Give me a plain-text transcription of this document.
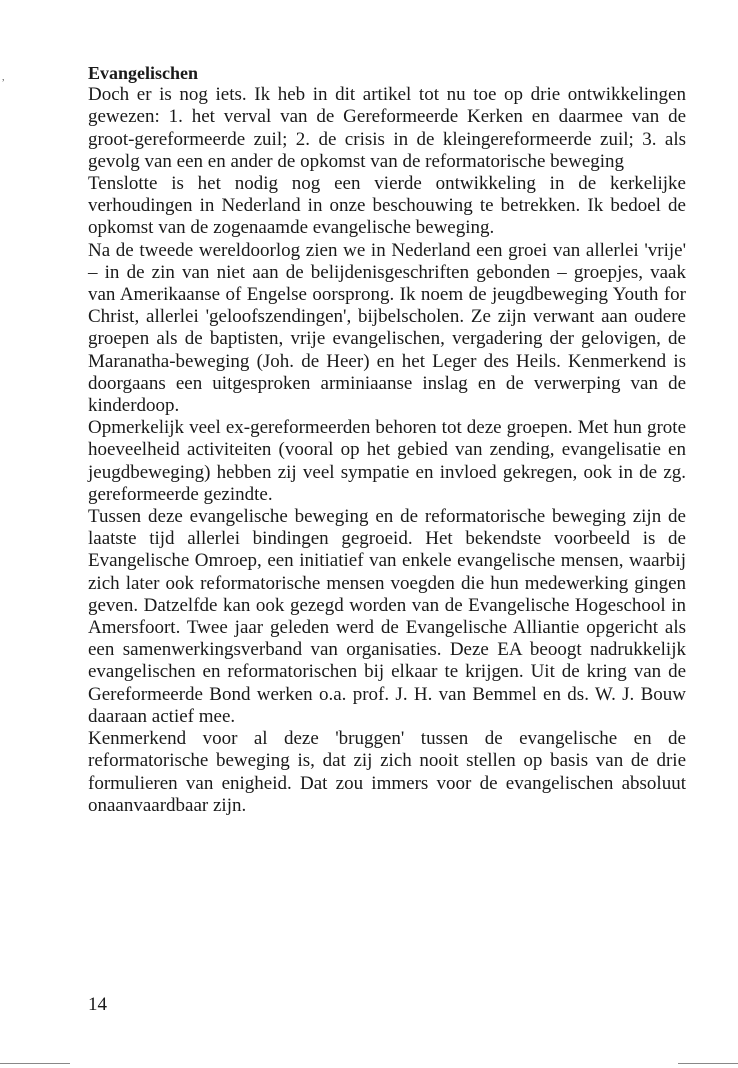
,	Evangelischen

Doch er is nog iets. Ik heb in dit artikel tot nu toe op drie ontwikkelingen gewezen: 1. het verval van de Gereformeerde Kerken en daarmee van de groot-gereformeerde zuil; 2. de crisis in de kleingereformeerde zuil; 3. als gevolg van een en ander de opkomst van de reformatorische beweging

Tenslotte is het nodig nog een vierde ontwikkeling in de kerkelijke verhoudingen in Nederland in onze beschouwing te betrekken. Ik bedoel de opkomst van de zogenaamde evangelische beweging.

Na de tweede wereldoorlog zien we in Nederland een groei van allerlei 'vrije' – in de zin van niet aan de belijdenisgeschriften gebonden – groepjes, vaak van Amerikaanse of Engelse oorsprong. Ik noem de jeugdbeweging Youth for Christ, allerlei 'geloofszendingen', bijbelscholen. Ze zijn verwant aan oudere groepen als de baptisten, vrije evangelischen, vergadering der gelovigen, de Maranatha-beweging (Joh. de Heer) en het Leger des Heils. Kenmerkend is doorgaans een uitgesproken arminiaanse inslag en de verwerping van de kinderdoop.

Opmerkelijk veel ex-gereformeerden behoren tot deze groepen. Met hun grote hoeveelheid activiteiten (vooral op het gebied van zending, evangelisatie en jeugdbeweging) hebben zij veel sympatie en invloed gekregen, ook in de zg. gereformeerde gezindte.

Tussen deze evangelische beweging en de reformatorische beweging zijn de laatste tijd allerlei bindingen gegroeid. Het bekendste voorbeeld is de Evangelische Omroep, een initiatief van enkele evangelische mensen, waarbij zich later ook reformatorische mensen voegden die hun medewerking gingen geven. Datzelfde kan ook gezegd worden van de Evangelische Hogeschool in Amersfoort. Twee jaar geleden werd de Evangelische Alliantie opgericht als een samenwerkingsverband van organisaties. Deze EA beoogt nadrukkelijk evangelischen en reformatorischen bij elkaar te krijgen. Uit de kring van de Gereformeerde Bond werken o.a. prof. J. H. van Bemmel en ds. W. J. Bouw daaraan actief mee.

Kenmerkend voor al deze 'bruggen' tussen de evangelische en de reformatorische beweging is, dat zij zich nooit stellen op basis van de drie formulieren van enigheid. Dat zou immers voor de evangelischen absoluut onaanvaardbaar zijn.

14
